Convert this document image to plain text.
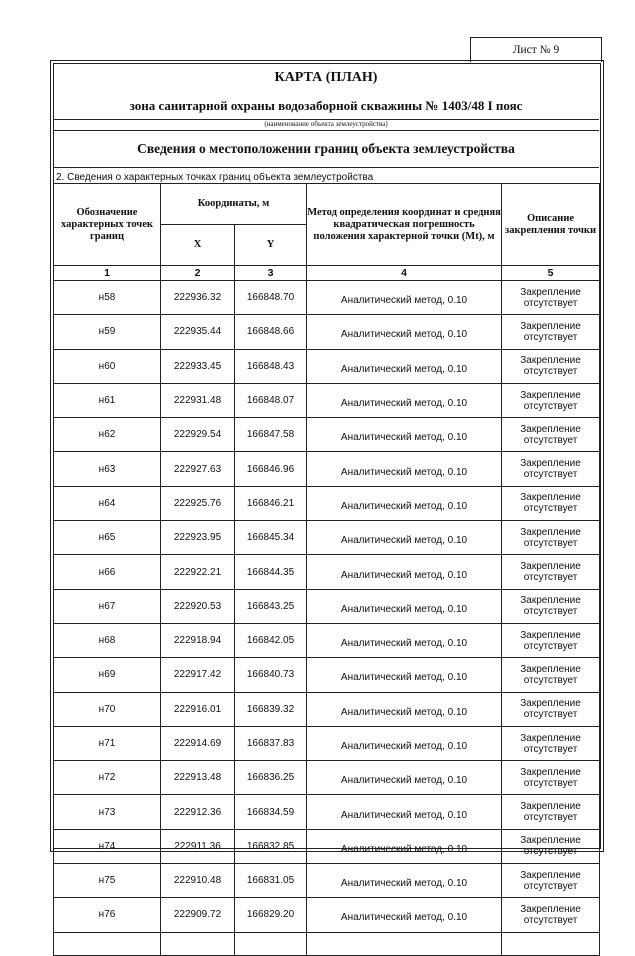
Лист № 9
КАРТА (ПЛАН)
зона санитарной охраны водозаборной скважины № 1403/48 I пояс
(наименование объекта землеустройства)
Сведения о местоположении границ объекта землеустройства
2. Сведения о характерных точках границ объекта землеустройства
Обозначение характерных точек границ	Координаты, м		Метод определения координат и средняя квадратическая погрешность положения характерной точки (Mt), м	Описание закрепления точки
	X	Y		
1	2	3	4	5
н58	222936.32	166848.70	Аналитический метод, 0.10	Закрепление отсутствует
н59	222935.44	166848.66	Аналитический метод, 0.10	Закрепление отсутствует
н60	222933.45	166848.43	Аналитический метод, 0.10	Закрепление отсутствует
н61	222931.48	166848.07	Аналитический метод, 0.10	Закрепление отсутствует
н62	222929.54	166847.58	Аналитический метод, 0.10	Закрепление отсутствует
н63	222927.63	166846.96	Аналитический метод, 0.10	Закрепление отсутствует
н64	222925.76	166846.21	Аналитический метод, 0.10	Закрепление отсутствует
н65	222923.95	166845.34	Аналитический метод, 0.10	Закрепление отсутствует
н66	222922.21	166844.35	Аналитический метод, 0.10	Закрепление отсутствует
н67	222920.53	166843.25	Аналитический метод, 0.10	Закрепление отсутствует
н68	222918.94	166842.05	Аналитический метод, 0.10	Закрепление отсутствует
н69	222917.42	166840.73	Аналитический метод, 0.10	Закрепление отсутствует
н70	222916.01	166839.32	Аналитический метод, 0.10	Закрепление отсутствует
н71	222914.69	166837.83	Аналитический метод, 0.10	Закрепление отсутствует
н72	222913.48	166836.25	Аналитический метод, 0.10	Закрепление отсутствует
н73	222912.36	166834.59	Аналитический метод, 0.10	Закрепление отсутствует
н74	222911.36	166832.85	Аналитический метод, 0.10	Закрепление отсутствует
н75	222910.48	166831.05	Аналитический метод, 0.10	Закрепление отсутствует
н76	222909.72	166829.20	Аналитический метод, 0.10	Закрепление отсутствует
